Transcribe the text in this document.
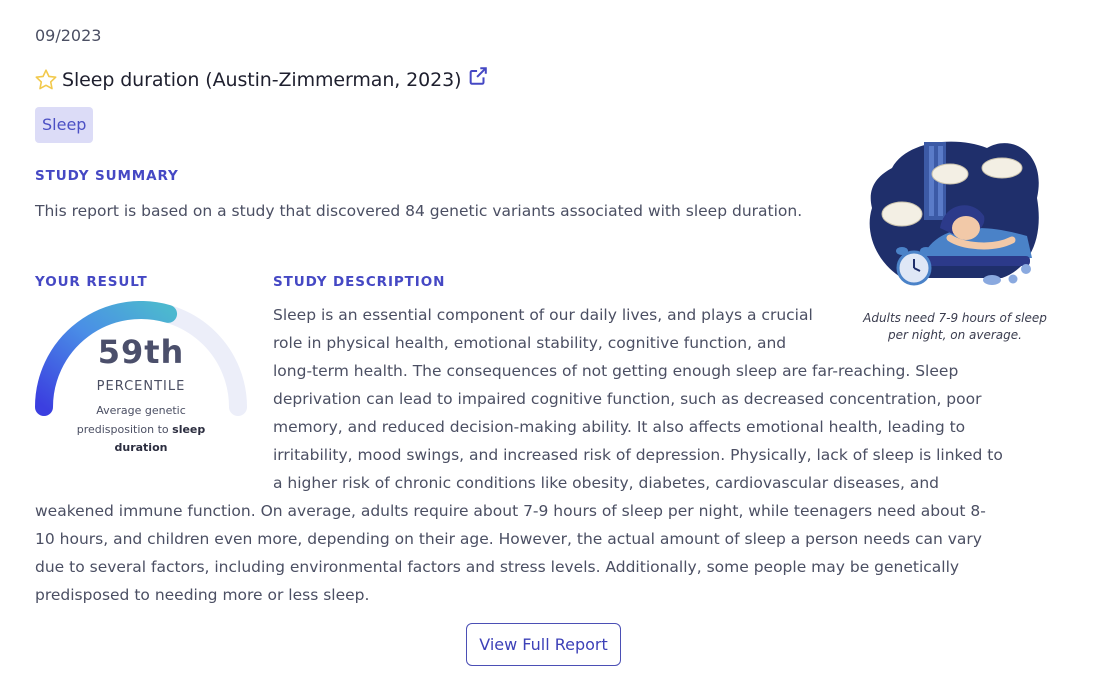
09/2023
Sleep duration (Austin-Zimmerman, 2023)
Sleep
STUDY SUMMARY
This report is based on a study that discovered 84 genetic variants associated with sleep duration.
YOUR RESULT	STUDY DESCRIPTION
59th
PERCENTILE
Average genetic predisposition to sleep duration
Adults need 7-9 hours of sleep per night, on average.
Sleep is an essential component of our daily lives, and plays a crucial
role in physical health, emotional stability, cognitive function, and
long-term health. The consequences of not getting enough sleep are far-reaching. Sleep
deprivation can lead to impaired cognitive function, such as decreased concentration, poor
memory, and reduced decision-making ability. It also affects emotional health, leading to
irritability, mood swings, and increased risk of depression. Physically, lack of sleep is linked to
a higher risk of chronic conditions like obesity, diabetes, cardiovascular diseases, and
weakened immune function. On average, adults require about 7-9 hours of sleep per night, while teenagers need about 8-
10 hours, and children even more, depending on their age. However, the actual amount of sleep a person needs can vary
due to several factors, including environmental factors and stress levels. Additionally, some people may be genetically
predisposed to needing more or less sleep.
View Full Report
